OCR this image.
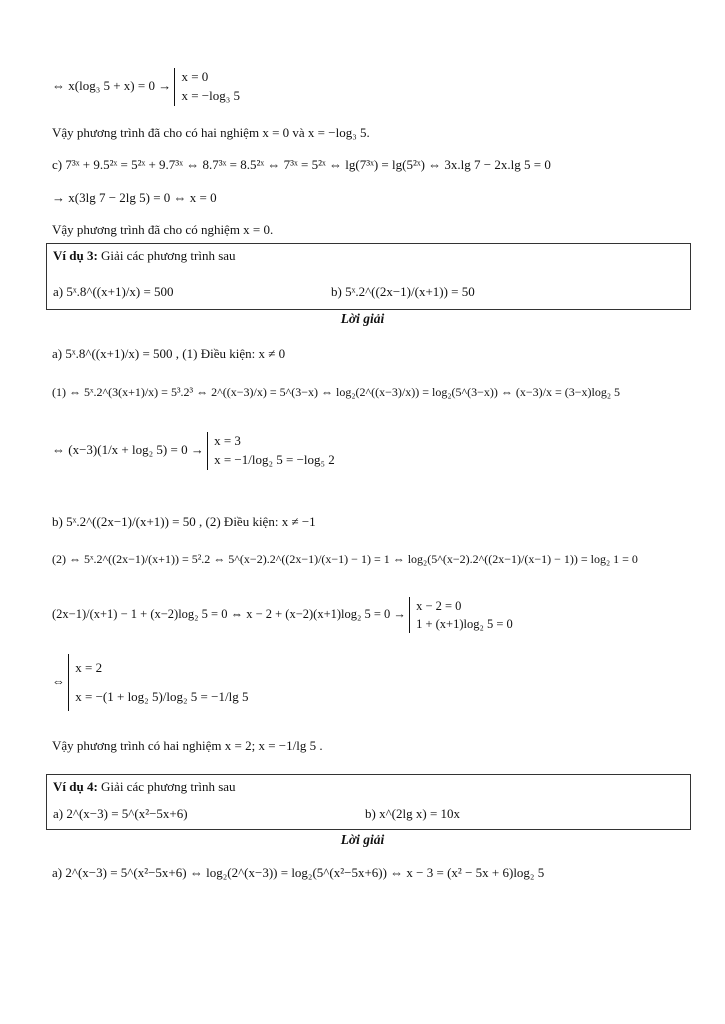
⇔ x(log₃ 5 + x) = 0 →
x = 0
x = −log₃ 5
Vậy phương trình đã cho có hai nghiệm x = 0 và x = −log₃ 5.
c) 7³ˣ + 9.5²ˣ = 5²ˣ + 9.7³ˣ ⇔ 8.7³ˣ = 8.5²ˣ ⇔ 7³ˣ = 5²ˣ ⇔ lg(7³ˣ) = lg(5²ˣ) ⇔ 3x.lg 7 − 2x.lg 5 = 0
→ x(3lg 7 − 2lg 5) = 0 ⇔ x = 0
Vậy phương trình đã cho có nghiệm x = 0.
Ví dụ 3: Giải các phương trình sau
a) 5ˣ.8^((x+1)/x) = 500	b) 5ˣ.2^((2x−1)/(x+1)) = 50
Lời giải
a) 5ˣ.8^((x+1)/x) = 500 , (1) Điều kiện: x ≠ 0
(1) ⇔ 5ˣ.2^(3(x+1)/x) = 5³.2³ ⇔ 2^((x−3)/x) = 5^(3−x) ⇔ log₂(2^((x−3)/x)) = log₂(5^(3−x)) ⇔ (x−3)/x = (3−x)log₂ 5
⇔ (x−3)(1/x + log₂ 5) = 0 →
x = 3
x = −1/log₂ 5 = −log₅ 2
b) 5ˣ.2^((2x−1)/(x+1)) = 50 , (2) Điều kiện: x ≠ −1
(2) ⇔ 5ˣ.2^((2x−1)/(x+1)) = 5².2 ⇔ 5^(x−2).2^((2x−1)/(x−1) − 1) = 1 ⇔ log₂(5^(x−2).2^((2x−1)/(x−1) − 1)) = log₂ 1 = 0
(2x−1)/(x+1) − 1 + (x−2)log₂ 5 = 0 ⇔ x − 2 + (x−2)(x+1)log₂ 5 = 0 →
x − 2 = 0
1 + (x+1)log₂ 5 = 0
⇔
x = 2
x = −(1 + log₂ 5)/log₂ 5 = −1/lg 5
Vậy phương trình có hai nghiệm x = 2; x = −1/lg 5 .
Ví dụ 4: Giải các phương trình sau
a) 2^(x−3) = 5^(x²−5x+6)	b) x^(2lg x) = 10x
Lời giải
a) 2^(x−3) = 5^(x²−5x+6) ⇔ log₂(2^(x−3)) = log₂(5^(x²−5x+6)) ⇔ x − 3 = (x² − 5x + 6)log₂ 5
